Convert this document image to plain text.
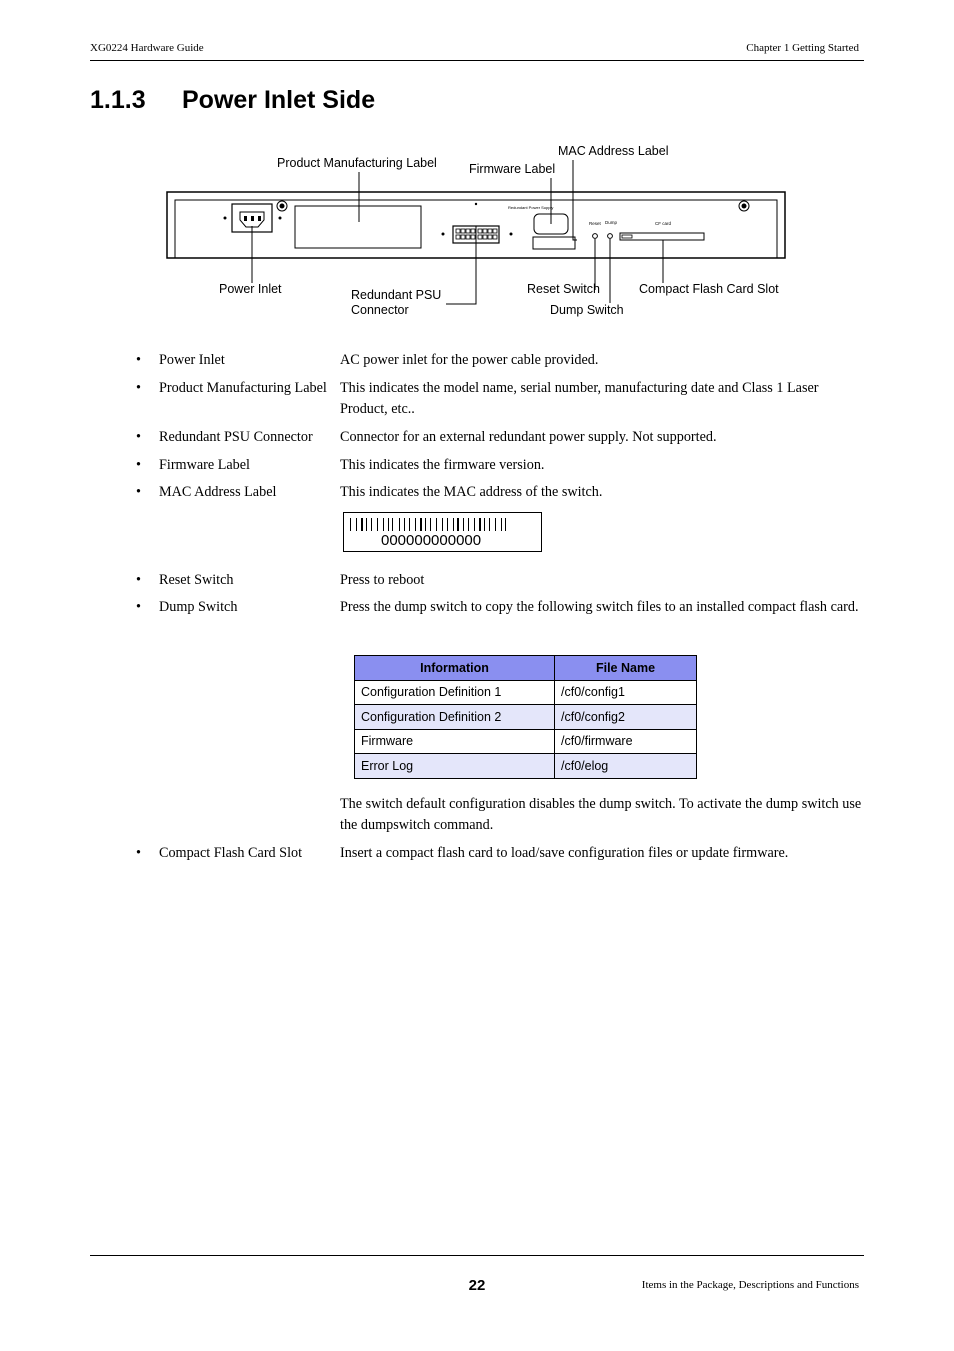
XG0224 Hardware Guide	Chapter 1 Getting Started
1.1.3 Power Inlet Side
Redundant Power Supply
Reset Dump	CF card
Product Manufacturing Label	Firmware Label
MAC Address Label
Power Inlet	Redundant PSU
Connector
Reset Switch
Dump Switch
Compact Flash Card Slot
• Power Inlet	AC power inlet for the power cable provided.
• Product Manufacturing Label This indicates the model name, serial number, manufacturing date and Class 1 Laser Product, etc..
• Redundant PSU Connector Connector for an external redundant power supply. Not supported.
• Firmware Label	This indicates the firmware version.
• MAC Address Label	This indicates the MAC address of the switch.
000000000000
• Reset Switch	Press to reboot
• Dump Switch	Press the dump switch to copy the following switch files to an installed compact flash card.
Information	File Name
Configuration Definition 1	/cf0/config1
Configuration Definition 2	/cf0/config2
Firmware	/cf0/firmware
Error Log	/cf0/elog
The switch default configuration disables the dump switch. To activate the dump switch use the dumpswitch command.
• Compact Flash Card Slot	Insert a compact flash card to load/save configuration files or update firmware.
22	Items in the Package, Descriptions and Functions
